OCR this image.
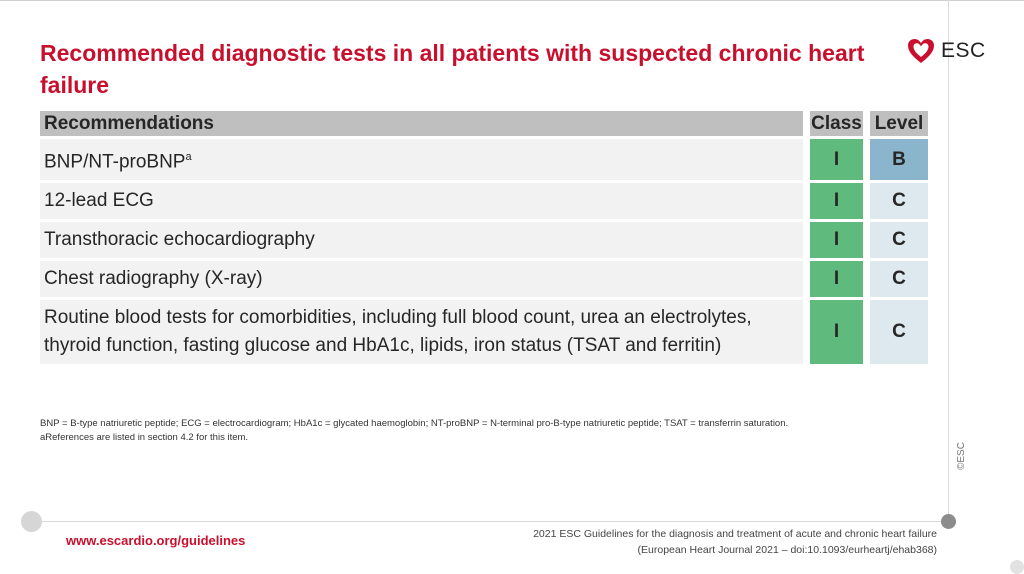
Recommended diagnostic tests in all patients with suspected chronic heart failure
ESC
Recommendations		Class		Level
BNP/NT-proBNP$^a$		I		B
12-lead ECG		I		C
Transthoracic echocardiography		I		C
Chest radiography (X-ray)		I		C
Routine blood tests for comorbidities, including full blood count, urea an electrolytes, thyroid function, fasting glucose and HbA1c, lipids, iron status (TSAT and ferritin)		I		C
BNP = B-type natriuretic peptide; ECG = electrocardiogram; HbA1c = glycated haemoglobin; NT-proBNP = N-terminal pro-B-type natriuretic peptide; TSAT = transferrin saturation.
aReferences are listed in section 4.2 for this item.
©ESC
www.escardio.org/guidelines	2021 ESC Guidelines for the diagnosis and treatment of acute and chronic heart failure
(European Heart Journal 2021 – doi:10.1093/eurheartj/ehab368)
